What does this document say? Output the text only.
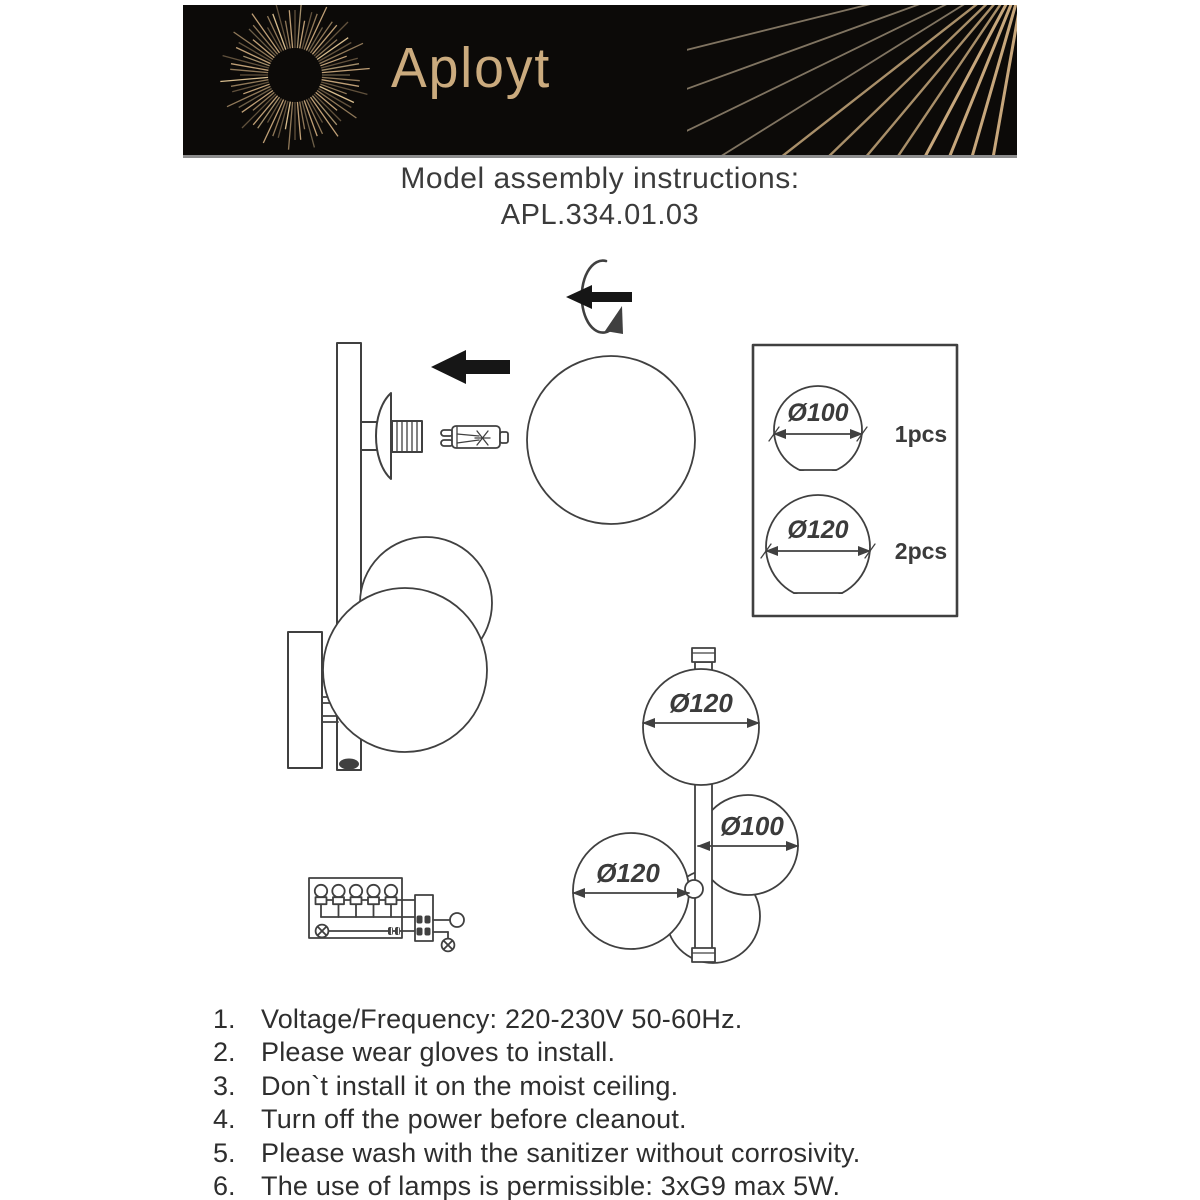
Aployt
Model assembly instructions:
APL.334.01.03
Ø100
1pcs
Ø120
2pcs
Ø120
Ø100
Ø120
1. Voltage/Frequency: 220-230V 50-60Hz.
2. Please wear gloves to install.
3. Don`t install it on the moist ceiling.
4. Turn off the power before cleanout.
5. Please wash with the sanitizer without corrosivity.
6. The use of lamps is permissible: 3xG9 max 5W.
